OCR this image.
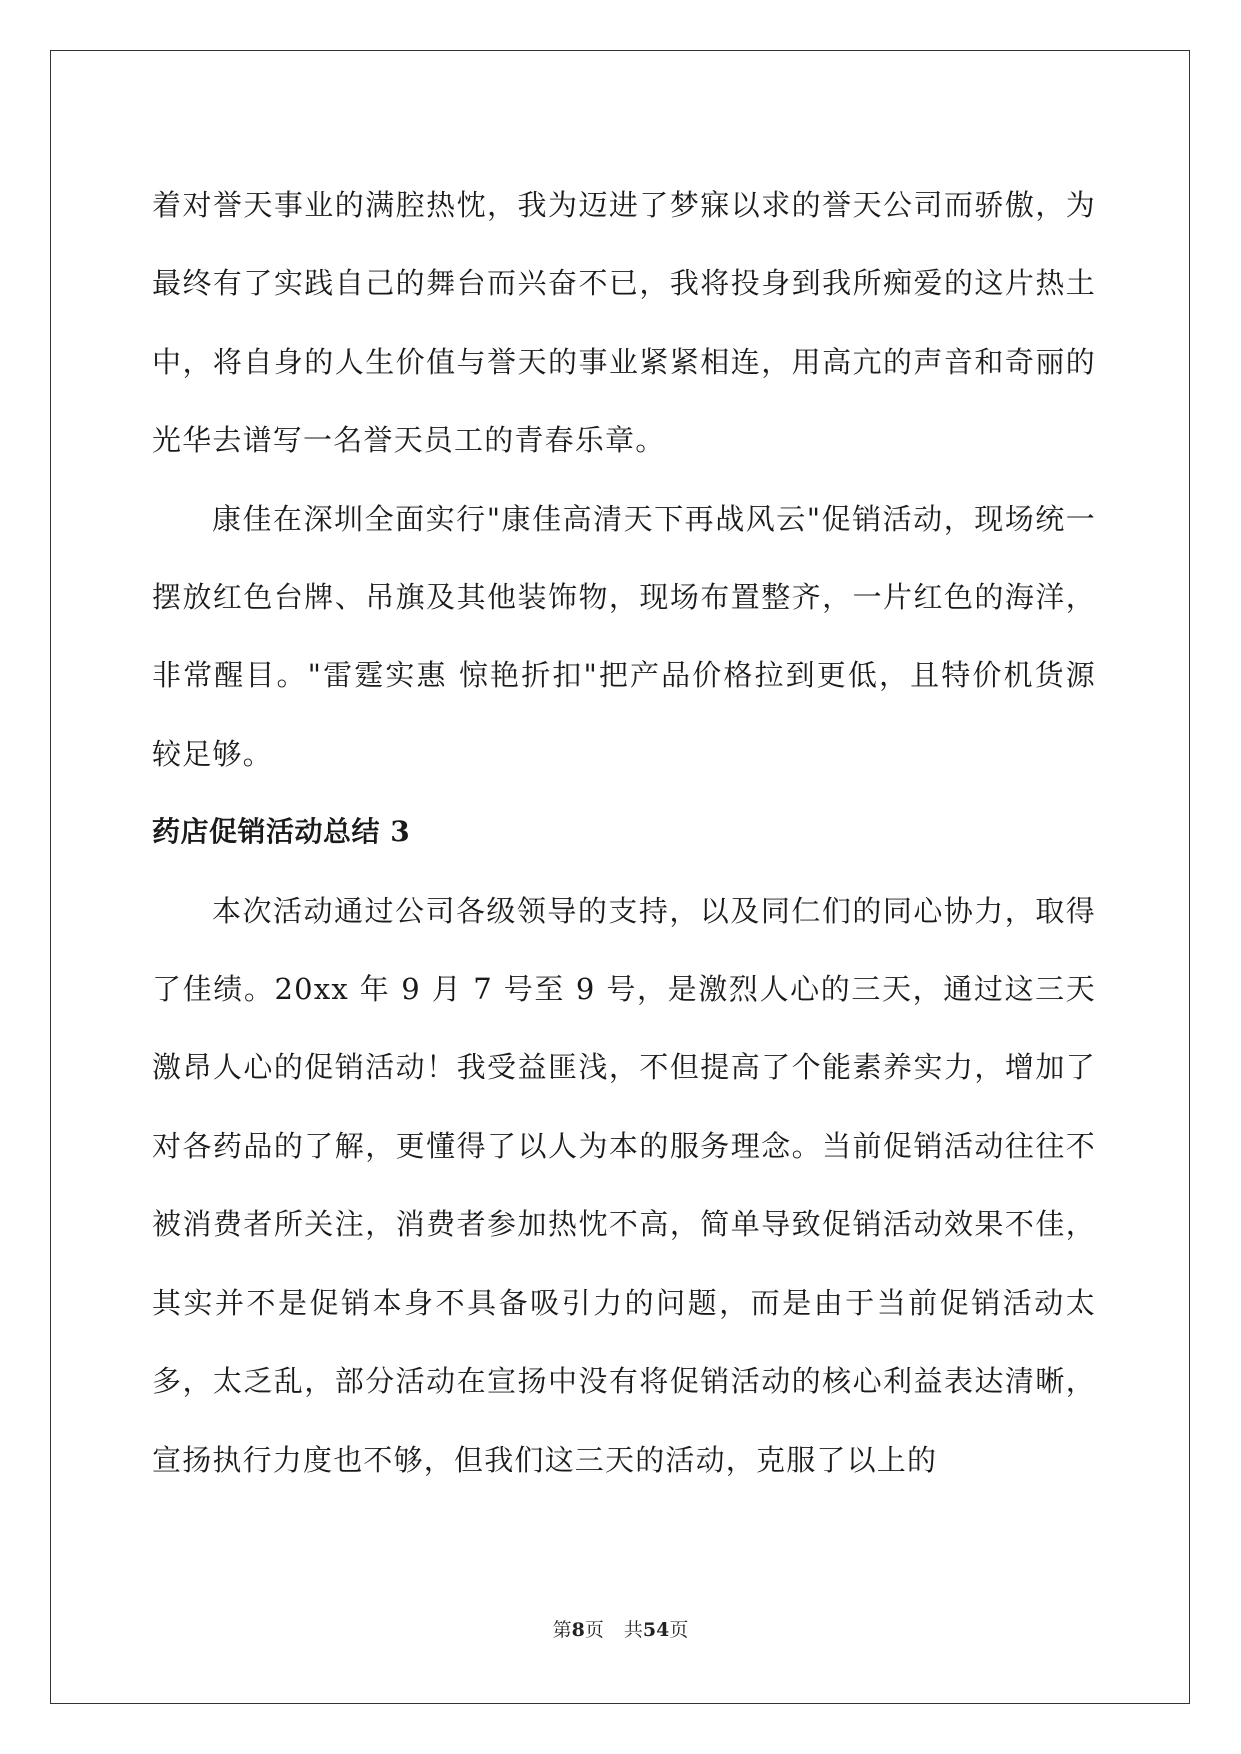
着对誉天事业的满腔热忱，我为迈进了梦寐以求的誉天公司而骄傲，为最终有了实践自己的舞台而兴奋不已，我将投身到我所痴爱的这片热土中，将自身的人生价值与誉天的事业紧紧相连，用高亢的声音和奇丽的光华去谱写一名誉天员工的青春乐章。

康佳在深圳全面实行"康佳高清天下再战风云"促销活动，现场统一摆放红色台牌、吊旗及其他装饰物，现场布置整齐，一片红色的海洋，非常醒目。"雷霆实惠 惊艳折扣"把产品价格拉到更低，且特价机货源较足够。

药店促销活动总结 3

本次活动通过公司各级领导的支持，以及同仁们的同心协力，取得了佳绩。20xx 年 9 月 7 号至 9 号，是激烈人心的三天，通过这三天激昂人心的促销活动！我受益匪浅，不但提高了个能素养实力，增加了对各药品的了解，更懂得了以人为本的服务理念。当前促销活动往往不被消费者所关注，消费者参加热忱不高，简单导致促销活动效果不佳，其实并不是促销本身不具备吸引力的问题，而是由于当前促销活动太多，太乏乱，部分活动在宣扬中没有将促销活动的核心利益表达清晰，宣扬执行力度也不够，但我们这三天的活动，克服了以上的

第8页 共54页
